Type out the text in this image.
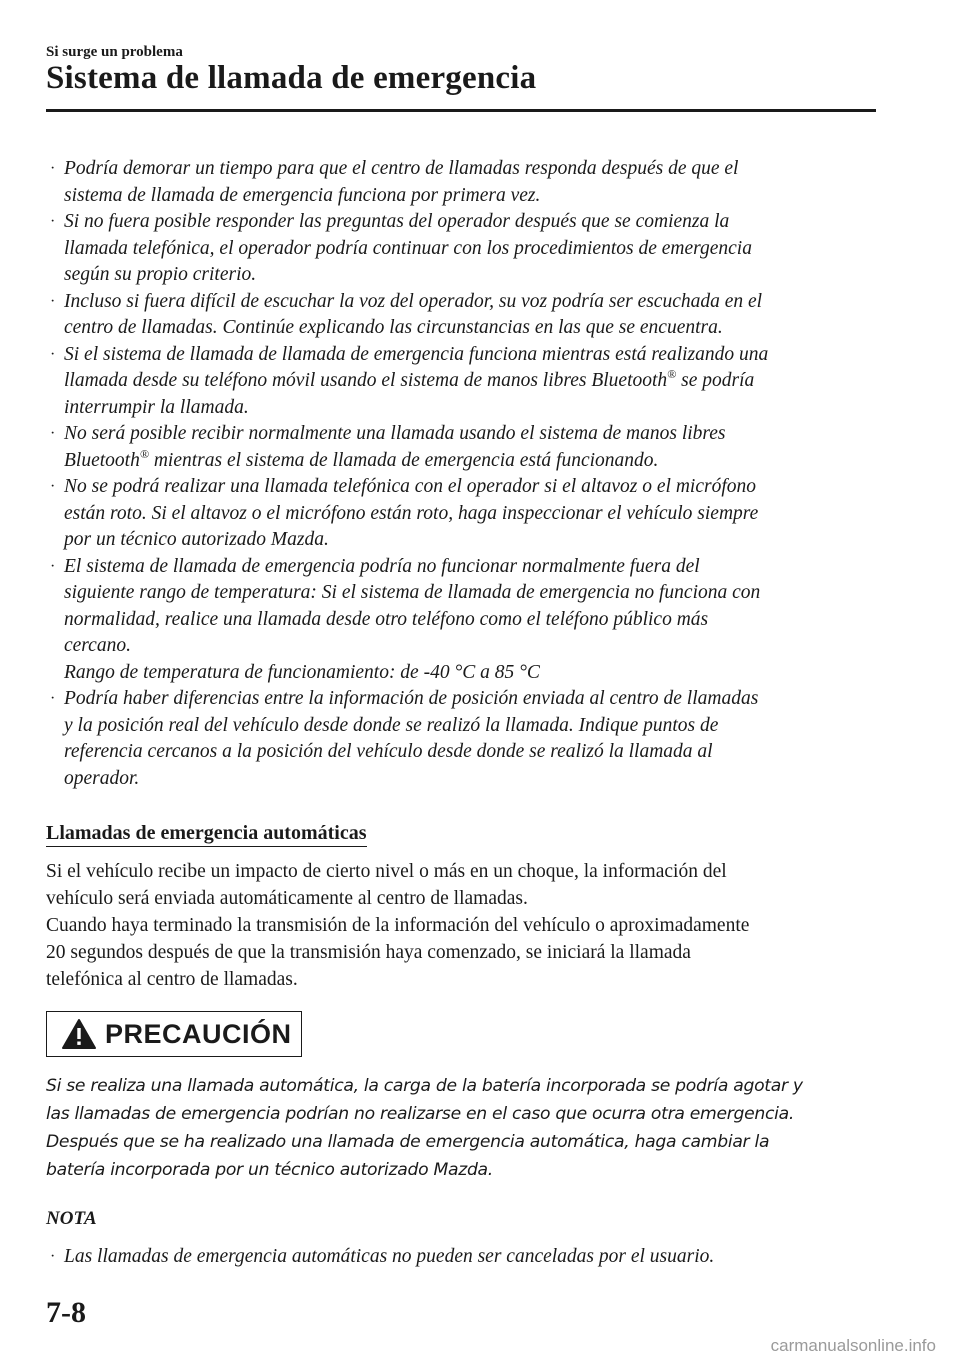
Si surge un problema
Sistema de llamada de emergencia
· Podría demorar un tiempo para que el centro de llamadas responda después de que el
sistema de llamada de emergencia funciona por primera vez.
· Si no fuera posible responder las preguntas del operador después que se comienza la
llamada telefónica, el operador podría continuar con los procedimientos de emergencia
según su propio criterio.
· Incluso si fuera difícil de escuchar la voz del operador, su voz podría ser escuchada en el
centro de llamadas. Continúe explicando las circunstancias en las que se encuentra.
· Si el sistema de llamada de llamada de emergencia funciona mientras está realizando una
llamada desde su teléfono móvil usando el sistema de manos libres Bluetooth® se podría
interrumpir la llamada.
· No será posible recibir normalmente una llamada usando el sistema de manos libres
Bluetooth® mientras el sistema de llamada de emergencia está funcionando.
· No se podrá realizar una llamada telefónica con el operador si el altavoz o el micrófono
están roto. Si el altavoz o el micrófono están roto, haga inspeccionar el vehículo siempre
por un técnico autorizado Mazda.
· El sistema de llamada de emergencia podría no funcionar normalmente fuera del
siguiente rango de temperatura: Si el sistema de llamada de emergencia no funciona con
normalidad, realice una llamada desde otro teléfono como el teléfono público más
cercano.
Rango de temperatura de funcionamiento: de -40 °C a 85 °C
· Podría haber diferencias entre la información de posición enviada al centro de llamadas
y la posición real del vehículo desde donde se realizó la llamada. Indique puntos de
referencia cercanos a la posición del vehículo desde donde se realizó la llamada al
operador.
Llamadas de emergencia automáticas

Si el vehículo recibe un impacto de cierto nivel o más en un choque, la información del
vehículo será enviada automáticamente al centro de llamadas.
Cuando haya terminado la transmisión de la información del vehículo o aproximadamente
20 segundos después de que la transmisión haya comenzado, se iniciará la llamada
telefónica al centro de llamadas.

PRECAUCIÓN

Si se realiza una llamada automática, la carga de la batería incorporada se podría agotar y
las llamadas de emergencia podrían no realizarse en el caso que ocurra otra emergencia.
Después que se ha realizado una llamada de emergencia automática, haga cambiar la
batería incorporada por un técnico autorizado Mazda.

NOTA
· Las llamadas de emergencia automáticas no pueden ser canceladas por el usuario.
7-8
carmanualsonline.info
